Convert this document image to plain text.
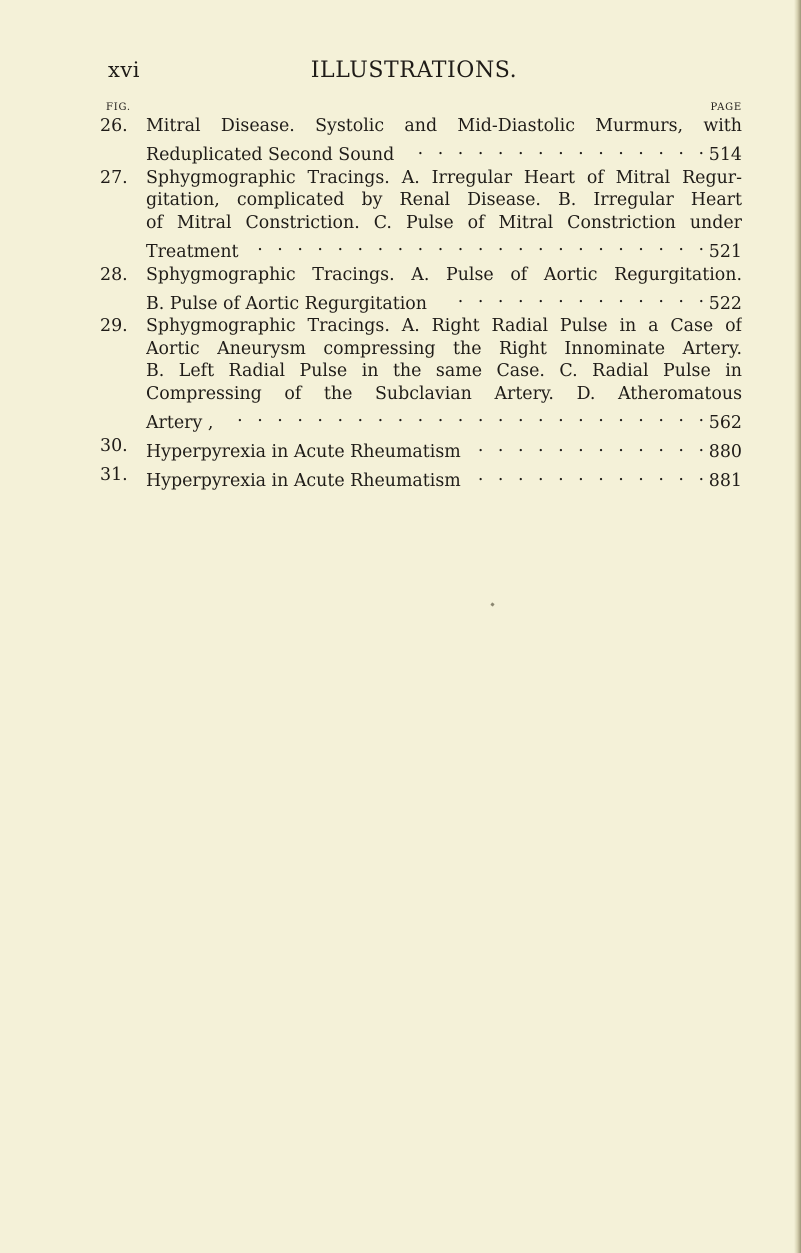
xvi	ILLUSTRATIONS.
FIG.	PAGE
26. Mitral Disease. Systolic and Mid-Diastolic Murmurs, with
Reduplicated Second Sound . . .	514
27. Sphygmographic Tracings. A. Irregular Heart of Mitral Regur-
gitation, complicated by Renal Disease. B. Irregular Heart
of Mitral Constriction. C. Pulse of Mitral Constriction under
Treatment . . .	521
28. Sphygmographic Tracings. A. Pulse of Aortic Regurgitation.
B. Pulse of Aortic Regurgitation . . .	522
29. Sphygmographic Tracings. A. Right Radial Pulse in a Case of
Aortic Aneurysm compressing the Right Innominate Artery.
B. Left Radial Pulse in the same Case. C. Radial Pulse in
Compressing of the Subclavian Artery. D. Atheromatous
Artery , . . .	562
30. Hyperpyrexia in Acute Rheumatism . . .	880
31. Hyperpyrexia in Acute Rheumatism . . .	881
